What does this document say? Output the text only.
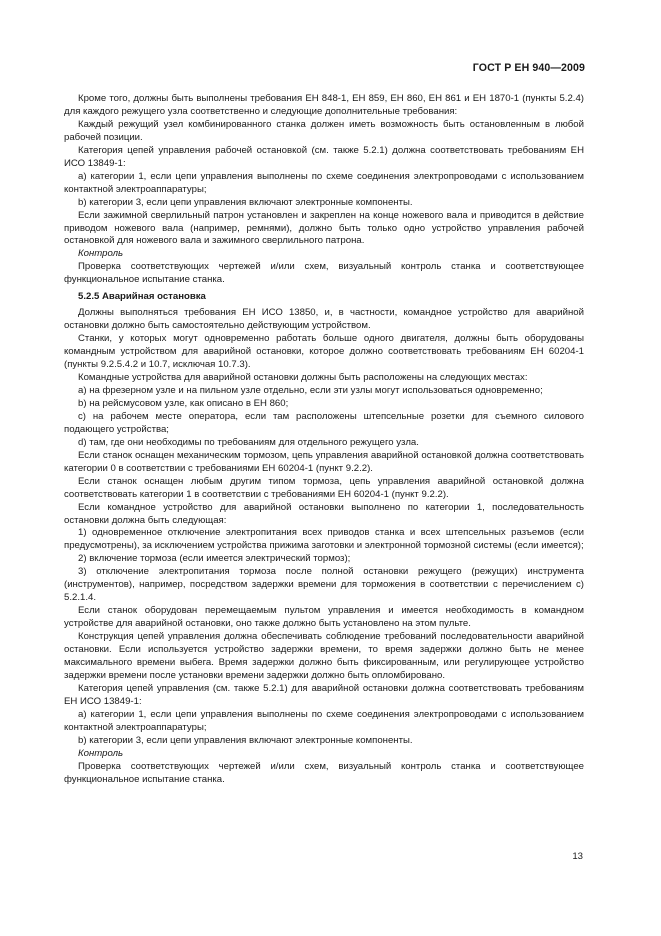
ГОСТ Р ЕН 940—2009

Кроме того, должны быть выполнены требования ЕН 848-1, ЕН 859, ЕН 860, ЕН 861 и ЕН 1870-1 (пункты 5.2.4) для каждого режущего узла соответственно и следующие дополнительные требования:

Каждый режущий узел комбинированного станка должен иметь возможность быть остановленным в любой рабочей позиции.

Категория цепей управления рабочей остановкой (см. также 5.2.1) должна соответствовать требованиям ЕН ИСО 13849-1:

a) категории 1, если цепи управления выполнены по схеме соединения электропроводами с использованием контактной электроаппаратуры;

b) категории 3, если цепи управления включают электронные компоненты.

Если зажимной сверлильный патрон установлен и закреплен на конце ножевого вала и приводится в действие приводом ножевого вала (например, ремнями), должно быть только одно устройство управления рабочей остановкой для ножевого вала и зажимного сверлильного патрона.

Контроль

Проверка соответствующих чертежей и/или схем, визуальный контроль станка и соответствующее функциональное испытание станка.

5.2.5 Аварийная остановка

Должны выполняться требования ЕН ИСО 13850, и, в частности, командное устройство для аварийной остановки должно быть самостоятельно действующим устройством.

Станки, у которых могут одновременно работать больше одного двигателя, должны быть оборудованы командным устройством для аварийной остановки, которое должно соответствовать требованиям ЕН 60204-1 (пункты 9.2.5.4.2 и 10.7, исключая 10.7.3).

Командные устройства для аварийной остановки должны быть расположены на следующих местах:

a) на фрезерном узле и на пильном узле отдельно, если эти узлы могут использоваться одновременно;

b) на рейсмусовом узле, как описано в ЕН 860;

c) на рабочем месте оператора, если там расположены штепсельные розетки для съемного силового подающего устройства;

d) там, где они необходимы по требованиям для отдельного режущего узла.

Если станок оснащен механическим тормозом, цепь управления аварийной остановкой должна соответствовать категории 0 в соответствии с требованиями ЕН 60204-1 (пункт 9.2.2).

Если станок оснащен любым другим типом тормоза, цепь управления аварийной остановкой должна соответствовать категории 1 в соответствии с требованиями ЕН 60204-1 (пункт 9.2.2).

Если командное устройство для аварийной остановки выполнено по категории 1, последовательность остановки должна быть следующая:

1) одновременное отключение электропитания всех приводов станка и всех штепсельных разъемов (если предусмотрены), за исключением устройства прижима заготовки и электронной тормозной системы (если имеется);

2) включение тормоза (если имеется электрический тормоз);

3) отключение электропитания тормоза после полной остановки режущего (режущих) инструмента (инструментов), например, посредством задержки времени для торможения в соответствии с перечислением с) 5.2.1.4.

Если станок оборудован перемещаемым пультом управления и имеется необходимость в командном устройстве для аварийной остановки, оно также должно быть установлено на этом пульте.

Конструкция цепей управления должна обеспечивать соблюдение требований последовательности аварийной остановки. Если используется устройство задержки времени, то время задержки должно быть не менее максимального времени выбега. Время задержки должно быть фиксированным, или регулирующее устройство задержки времени после установки времени задержки должно быть опломбировано.

Категория цепей управления (см. также 5.2.1) для аварийной остановки должна соответствовать требованиям ЕН ИСО 13849-1:

a) категории 1, если цепи управления выполнены по схеме соединения электропроводами с использованием контактной электроаппаратуры;

b) категории 3, если цепи управления включают электронные компоненты.

Контроль

Проверка соответствующих чертежей и/или схем, визуальный контроль станка и соответствующее функциональное испытание станка.

13
